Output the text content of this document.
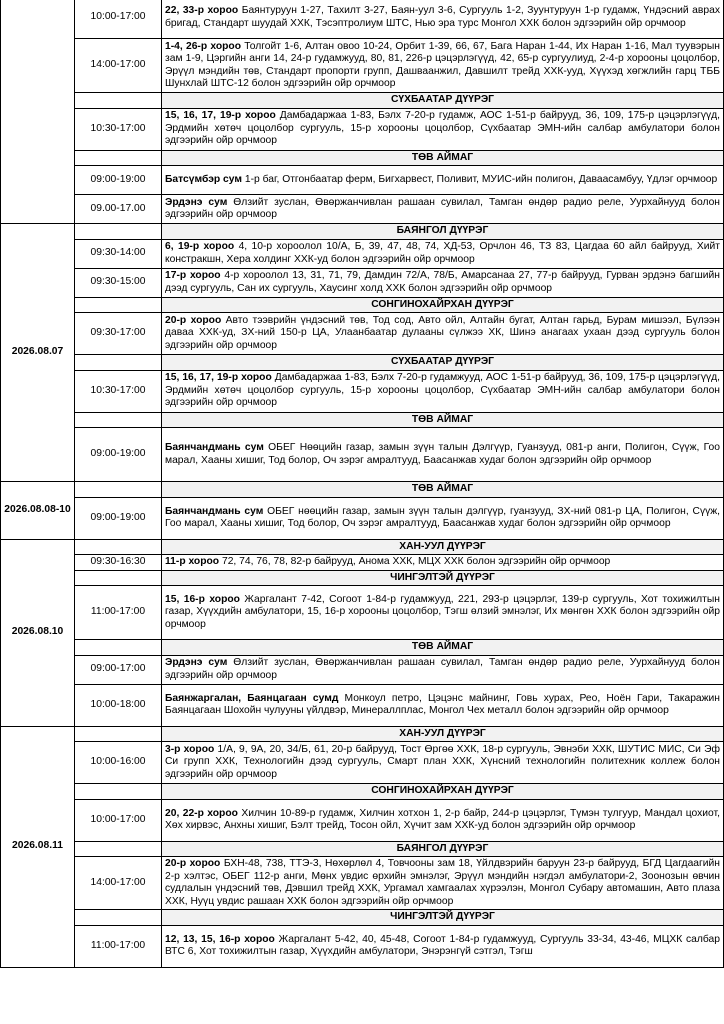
	10:00-17:00	22, 33-р хороо Баянтуруун 1-27, Тахилт 3-27, Баян-уул 3-6, Сургууль 1-2, Зуунтуруун 1-р гудамж, Үндэсний аврах бригад, Стандарт шуудай ХХК, Тэсэптролиум ШТС, Нью эра турс Монгол ХХК болон эдгээрийн ойр орчмоор
	14:00-17:00	1-4, 26-р хороо Толгойт 1-6, Алтан овоо 10-24, Орбит 1-39, 66, 67, Бага Наран 1-44, Их Наран 1-16, Мал туувэрын зам 1-9, Цэргийн анги 14, 24-р гудамжууд, 80, 81, 226-р цэцэрлэгүүд, 42, 65-р сургуулиуд, 2-4-р хорооны цоцолбор, Эрүүл мэндийн төв, Стандарт пропорти групп, Дашваанжил, Давшилт трейд ХХК-ууд, Хүүхэд хөгжлийн гарц ТББ Шунхлай ШТС-12 болон эдгээрийн ойр орчмоор
		СҮХБААТАР ДҮҮРЭГ
	10:30-17:00	15, 16, 17, 19-р хороо Дамбадаржаа 1-83, Бэлх 7-20-р гудамж, АОС 1-51-р байрууд, 36, 109, 175-р цэцэрлэгүүд, Эрдмийн хөтөч цоцолбор сургууль, 15-р хорооны цоцолбор, Сүхбаатар ЭМН-ийн салбар амбулатори болон эдгээрийн ойр орчмоор
		ТӨВ АЙМАГ
	09:00-19:00	Батсүмбэр сум 1-р баг, Отгонбаатар ферм, Бигхарвест, Поливит, МУИС-ийн полигон, Даваасамбуу, Үдлэг орчмоор
	09.00-17.00	Эрдэнэ сум Өлзийт зуслан, Өвөржанчивлан рашаан сувилал, Тамган өндөр радио реле, Уурхайнууд болон эдгээрийн ойр орчмоор
2026.08.07		БАЯНГОЛ ДҮҮРЭГ
	09:30-14:00	6, 19-р хороо 4, 10-р хороолол 10/А, Б, 39, 47, 48, 74, ХД-53, Орчлон 46, ТЗ 83, Цагдаа 60 айл байрууд, Хийт констракшн, Хера холдинг ХХК-уд болон эдгээрийн ойр орчмоор
	09:30-15:00	17-р хороо 4-р хороолол 13, 31, 71, 79, Дамдин 72/А, 78/Б, Амарсанаа 27, 77-р байрууд, Гурван эрдэнэ багшийн дээд сургууль, Сан их сургууль, Хаусинг холд ХХК болон эдгээрийн ойр орчмоор
		СОНГИНОХАЙРХАН ДҮҮРЭГ
	09:30-17:00	20-р хороо Авто тээврийн үндэсний төв, Тод сод, Авто ойл, Алтайн бугат, Алтан гарьд, Бурам мишээл, Бүлээн даваа ХХК-уд, ЗХ-ний 150-р ЦА, Улаанбаатар дулааны сүлжээ ХК, Шинэ анагаах ухаан дээд сургууль болон эдгээрийн ойр орчмоор
		СҮХБААТАР ДҮҮРЭГ
	10:30-17:00	15, 16, 17, 19-р хороо Дамбадаржаа 1-83, Бэлх 7-20-р гудамжууд, АОС 1-51-р байрууд, 36, 109, 175-р цэцэрлэгүүд, Эрдмийн хөтөч цоцолбор сургууль, 15-р хорооны цоцолбор, Сүхбаатар ЭМН-ийн салбар амбулатори болон эдгээрийн ойр орчмоор
		ТӨВ АЙМАГ
	09:00-19:00	Баянчандмань сум ОБЕГ Нөөцийн газар, замын зүүн талын Дэлгүүр, Гуанзууд, 081-р анги, Полигон, Сүүж, Гоо марал, Хааны хишиг, Тод болор, Оч зэрэг амралтууд, Баасанжав худаг болон эдгээрийн ойр орчмоор
2026.08.08-10		ТӨВ АЙМАГ
	09:00-19:00	Баянчандмань сум ОБЕГ нөөцийн газар, замын зүүн талын дэлгүүр, гуанзууд, ЗХ-ний 081-р ЦА, Полигон, Сүүж, Гоо марал, Хааны хишиг, Тод болор, Оч зэрэг амралтууд, Баасанжав худаг болон эдгээрийн ойр орчмоор
2026.08.10		ХАН-УУЛ ДҮҮРЭГ
	09:30-16:30	11-р хороо 72, 74, 76, 78, 82-р байрууд, Анома ХХК, МЦХ ХХК болон эдгээрийн ойр орчмоор
		ЧИНГЭЛТЭЙ ДҮҮРЭГ
	11:00-17:00	15, 16-р хороо Жаргалант 7-42, Согоот 1-84-р гудамжууд, 221, 293-р цэцэрлэг, 139-р сургууль, Хот тохижилтын газар, Хүүхдийн амбулатори, 15, 16-р хорооны цоцолбор, Тэгш өлзий эмнэлэг, Их мөнгөн ХХК болон эдгээрийн ойр орчмоор
		ТӨВ АЙМАГ
	09:00-17:00	Эрдэнэ сум Өлзийт зуслан, Өвөржанчивлан рашаан сувилал, Тамган өндөр радио реле, Уурхайнууд болон эдгээрийн ойр орчмоор
	10:00-18:00	Баянжаргалан, Баянцагаан сумд Монкоул петро, Цэцэнс майнинг, Говь хурах, Рео, Ноён Гари, Такаражин Баянцагаан Шохойн чулууны үйлдвэр, Минераллплас, Монгол Чех металл болон эдгээрийн ойр орчмоор
2026.08.11		ХАН-УУЛ ДҮҮРЭГ
	10:00-16:00	3-р хороо 1/А, 9, 9А, 20, 34/Б, 61, 20-р байрууд, Тост Өргөө ХХК, 18-р сургууль, Эвнэби ХХК, ШУТИС МИС, Си Эф Си групп ХХК, Технологийн дээд сургууль, Смарт план ХХК, Хүнсний технологийн политехник коллеж болон эдгээрийн ойр орчмоор
		СОНГИНОХАЙРХАН ДҮҮРЭГ
	10:00-17:00	20, 22-р хороо Хилчин 10-89-р гудамж, Хилчин хотхон 1, 2-р байр, 244-р цэцэрлэг, Түмэн тулгуур, Мандал цохиот, Хөх хирвэс, Анхны хишиг, Бэлт трейд, Тосон ойл, Хүчит зам ХХК-уд болон эдгээрийн ойр орчмоор
		БАЯНГОЛ ДҮҮРЭГ
	14:00-17:00	20-р хороо БХН-48, 738, ТТЭ-3, Нөхөрлөл 4, Товчооны зам 18, Үйлдвэрийн баруун 23-р байрууд, БГД Цагдаагийн 2-р хэлтэс, ОБЕГ 112-р анги, Мөнх увдис өрхийн эмнэлэг, Эрүүл мэндийн нэгдэл амбулатори-2, Зоонозын өвчин судлалын үндэсний төв, Дэвшил трейд ХХК, Ургамал хамгаалах хүрээлэн, Монгол Субару автомашин, Авто плаза ХХК, Нуүц увдис рашаан ХХК болон эдгээрийн ойр орчмоор
		ЧИНГЭЛТЭЙ ДҮҮРЭГ
	11:00-17:00	12, 13, 15, 16-р хороо Жаргалант 5-42, 40, 45-48, Согоот 1-84-р гудамжууд, Сургууль 33-34, 43-46, МЦХК салбар ВТС 6, Хот тохижилтын газар, Хүүхдийн амбулатори, Энэрэнгүй сэтгэл, Тэгш
